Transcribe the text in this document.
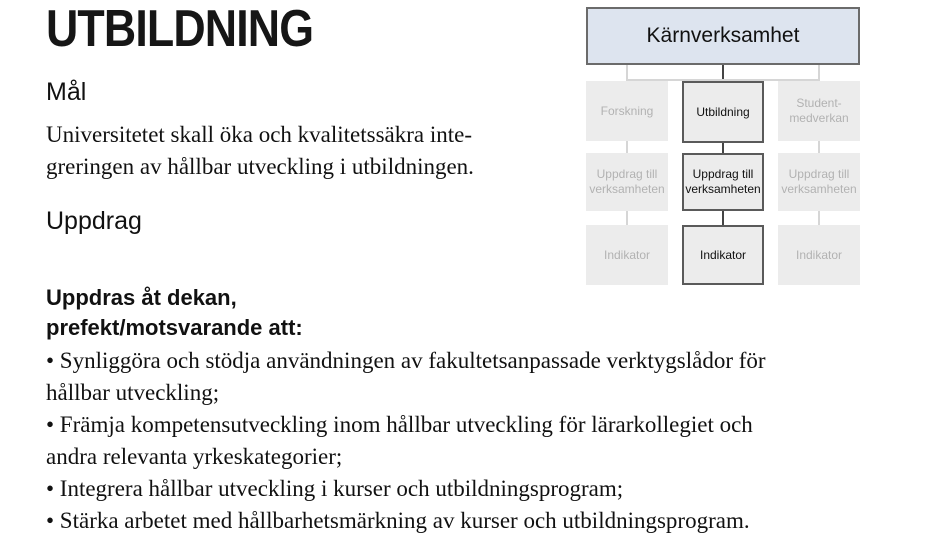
UTBILDNING
Mål
Universitetet skall öka och kvalitetssäkra inte-
greringen av hållbar utveckling i utbildningen.
Uppdrag
Uppdras åt dekan,
prefekt/motsvarande att:
• Synliggöra och stödja användningen av fakultetsanpassade verktygslådor för
hållbar utveckling;
• Främja kompetensutveckling inom hållbar utveckling för lärarkollegiet och
andra relevanta yrkeskategorier;
• Integrera hållbar utveckling i kurser och utbildningsprogram;
• Stärka arbetet med hållbarhetsmärkning av kurser och utbildningsprogram.
Kärnverksamhet
Forskning
Uppdrag till
verksamheten
Indikator
Utbildning
Uppdrag till
verksamheten
Indikator
Student-
medverkan
Uppdrag till
verksamheten
Indikator
